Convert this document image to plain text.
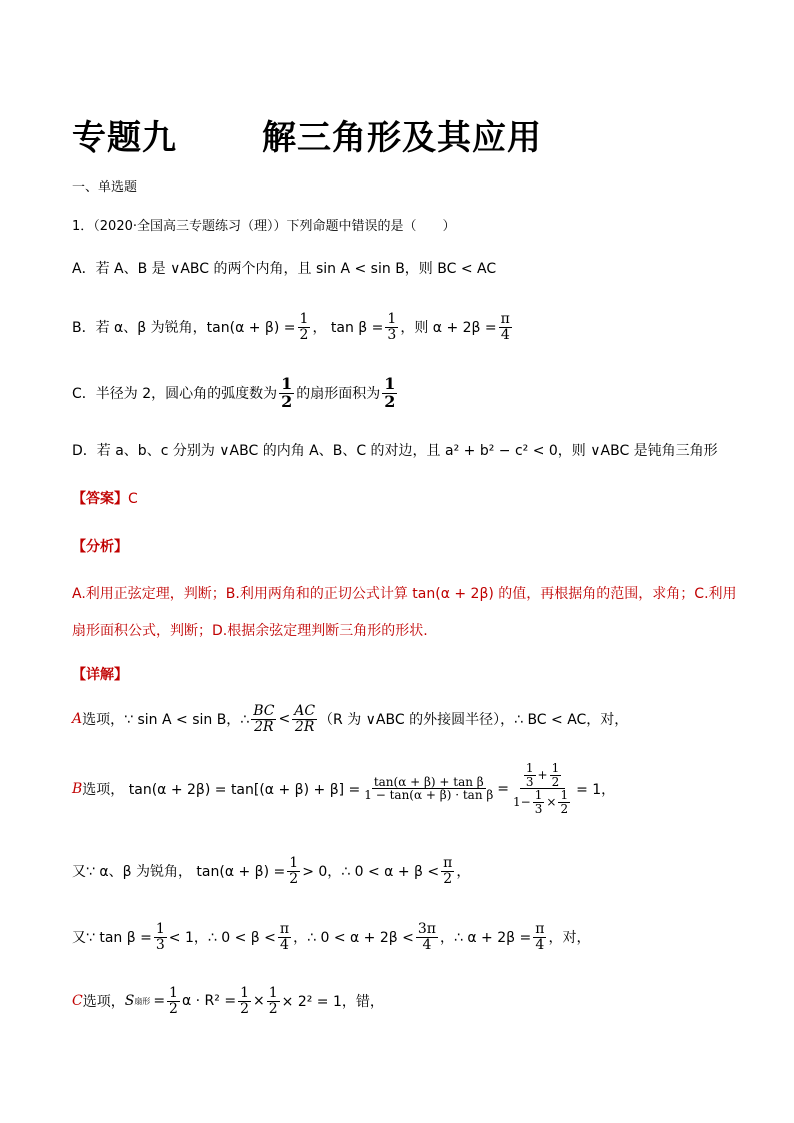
专题九	解三角形及其应用
一、单选题
1．（2020·全国高三专题练习（理））下列命题中错误的是（　　）
A．若 A、B 是 ∨ABC 的两个内角，且 sin A < sin B，则 BC < AC
B．若 α、β 为锐角，$\tan(\alpha + \beta) = \frac{1}{2}$ ， $\tan \beta = \frac{1}{3}$ ，则 $\alpha + 2\beta = \frac{\pi}{4}$
C．半径为 2，圆心角的弧度数为 $\frac{1}{2}$ 的扇形面积为 $\frac{1}{2}$
D．若 a、b、c 分别为 ∨ABC 的内角 A、B、C 的对边，且 a² + b² − c² < 0，则 ∨ABC 是钝角三角形
【答案】C
【分析】
A.利用正弦定理，判断；B.利用两角和的正切公式计算 tan(α + 2β) 的值，再根据角的范围，求角；C.利用
扇形面积公式，判断；D.根据余弦定理判断三角形的形状.
【详解】
A 选项，∵ sin A < sin B，∴ $\frac{BC}{2R} < \frac{AC}{2R} (R$ 为 ∨ABC 的外接圆半径），∴ BC < AC，对，
B 选项， $\tan(\alpha + 2\beta) = \tan[(\alpha + \beta) + \beta] = \frac{\text{tan(α + β) + tan β}}{\text{1 − tan(α + β) · tan β}} = \frac{\frac{1}{3} + \frac{1}{2}}{1- \frac{1}{3} \times \frac{1}{2}} = 1$，
又∵ α、β 为锐角， $\tan(\alpha + \beta) = \frac{1}{2} > 0$，∴ $0 < \alpha + \beta < \frac{\pi}{2}$ ，
又∵ $\tan \beta = \frac{1}{3} < 1$，∴ $0 < \beta < \frac{\pi}{4}$ ，∴ $0 < \alpha + 2\beta < \frac{3\pi}{4}$ ，∴ $\alpha + 2\beta = \frac{\pi}{4}$ ，对，
C 选项， S 扇形 = $\frac{1}{2}$ $\alpha \cdot R^2 = \frac{1}{2} \times \frac{1}{2} \times 2^2 = 1$，错，
